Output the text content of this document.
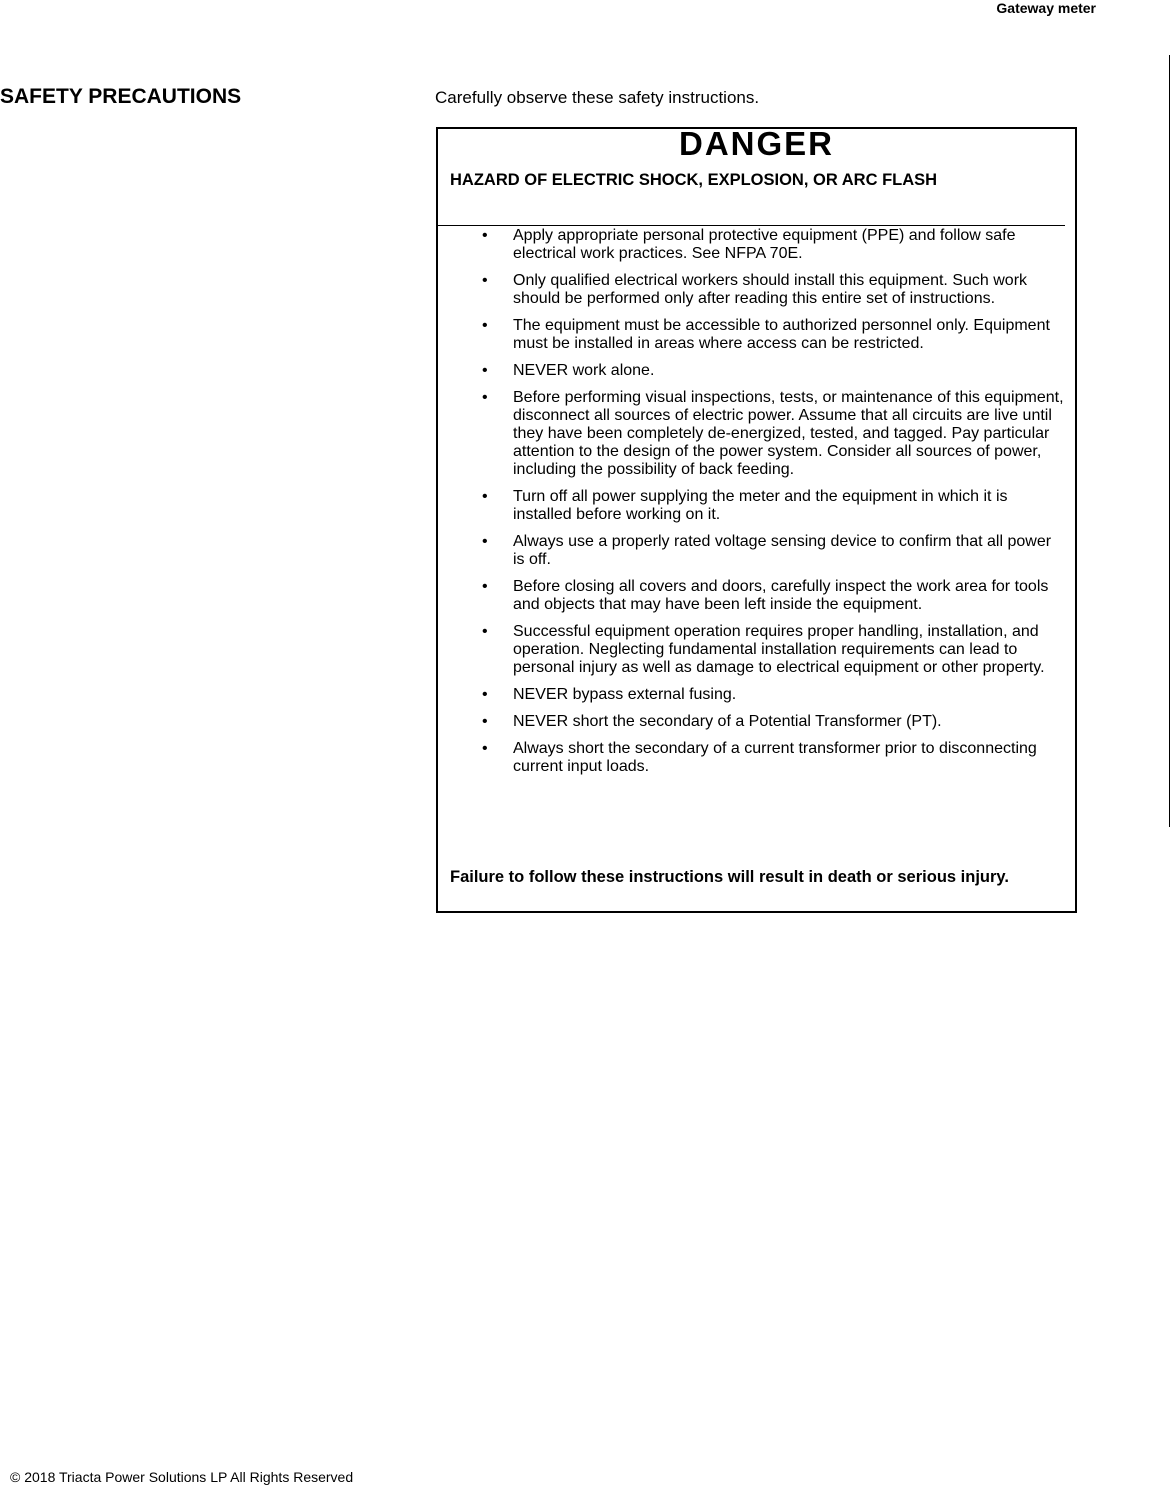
Gateway meter
SAFETY PRECAUTIONS	Carefully observe these safety instructions.
DANGER
HAZARD OF ELECTRIC SHOCK, EXPLOSION, OR ARC FLASH
• Apply appropriate personal protective equipment (PPE) and follow safe electrical work practices. See NFPA 70E.
• Only qualified electrical workers should install this equipment. Such work should be performed only after reading this entire set of instructions.
• The equipment must be accessible to authorized personnel only. Equipment must be installed in areas where access can be restricted.
• NEVER work alone.
• Before performing visual inspections, tests, or maintenance of this equipment, disconnect all sources of electric power. Assume that all circuits are live until they have been completely de-energized, tested, and tagged. Pay particular attention to the design of the power system. Consider all sources of power, including the possibility of back feeding.
• Turn off all power supplying the meter and the equipment in which it is installed before working on it.
• Always use a properly rated voltage sensing device to confirm that all power is off.
• Before closing all covers and doors, carefully inspect the work area for tools and objects that may have been left inside the equipment.
• Successful equipment operation requires proper handling, installation, and operation. Neglecting fundamental installation requirements can lead to personal injury as well as damage to electrical equipment or other property.
• NEVER bypass external fusing.
• NEVER short the secondary of a Potential Transformer (PT).
• Always short the secondary of a current transformer prior to disconnecting current input loads.
Failure to follow these instructions will result in death or serious injury.
© 2018 Triacta Power Solutions LP All Rights Reserved
